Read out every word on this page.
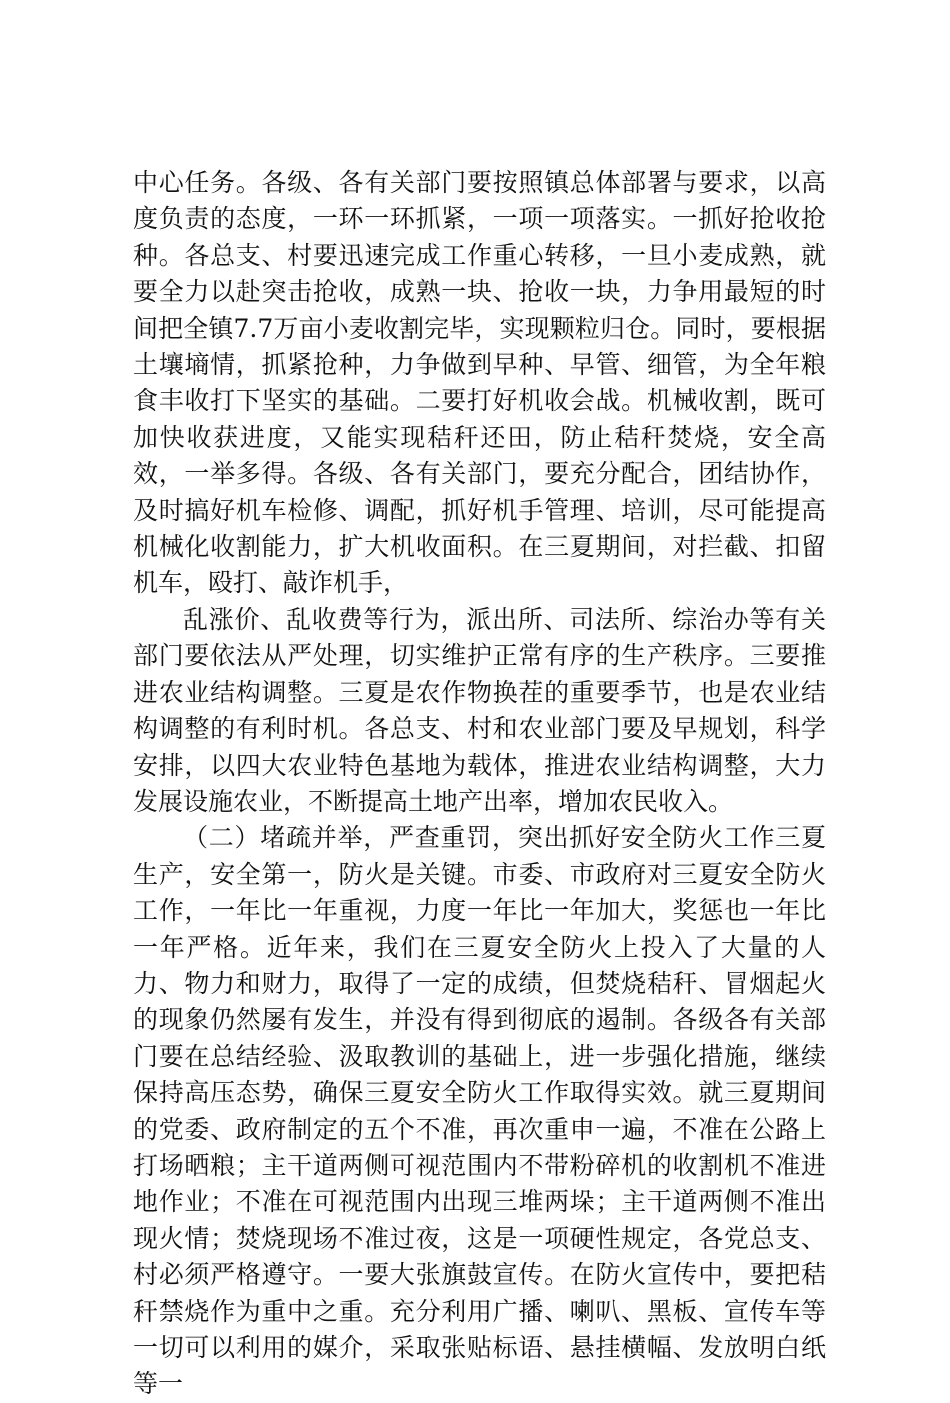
中心任务。各级、各有关部门要按照镇总体部署与要求，以高度负责的态度，一环一环抓紧，一项一项落实。一抓好抢收抢种。各总支、村要迅速完成工作重心转移，一旦小麦成熟，就要全力以赴突击抢收，成熟一块、抢收一块，力争用最短的时间把全镇7.7万亩小麦收割完毕，实现颗粒归仓。同时，要根据土壤墒情，抓紧抢种，力争做到早种、早管、细管，为全年粮食丰收打下坚实的基础。二要打好机收会战。机械收割，既可加快收获进度，又能实现秸秆还田，防止秸秆焚烧，安全高效，一举多得。各级、各有关部门，要充分配合，团结协作，及时搞好机车检修、调配，抓好机手管理、培训，尽可能提高机械化收割能力，扩大机收面积。在三夏期间，对拦截、扣留机车，殴打、敲诈机手，

乱涨价、乱收费等行为，派出所、司法所、综治办等有关部门要依法从严处理，切实维护正常有序的生产秩序。三要推进农业结构调整。三夏是农作物换茬的重要季节，也是农业结构调整的有利时机。各总支、村和农业部门要及早规划，科学安排，以四大农业特色基地为载体，推进农业结构调整，大力发展设施农业，不断提高土地产出率，增加农民收入。

（二）堵疏并举，严查重罚，突出抓好安全防火工作三夏生产，安全第一，防火是关键。市委、市政府对三夏安全防火工作，一年比一年重视，力度一年比一年加大，奖惩也一年比一年严格。近年来，我们在三夏安全防火上投入了大量的人力、物力和财力，取得了一定的成绩，但焚烧秸秆、冒烟起火的现象仍然屡有发生，并没有得到彻底的遏制。各级各有关部门要在总结经验、汲取教训的基础上，进一步强化措施，继续保持高压态势，确保三夏安全防火工作取得实效。就三夏期间的党委、政府制定的五个不准，再次重申一遍，不准在公路上打场晒粮；主干道两侧可视范围内不带粉碎机的收割机不准进地作业；不准在可视范围内出现三堆两垛；主干道两侧不准出现火情；焚烧现场不准过夜，这是一项硬性规定，各党总支、村必须严格遵守。一要大张旗鼓宣传。在防火宣传中，要把秸秆禁烧作为重中之重。充分利用广播、喇叭、黑板、宣传车等一切可以利用的媒介，采取张贴标语、悬挂横幅、发放明白纸等一
